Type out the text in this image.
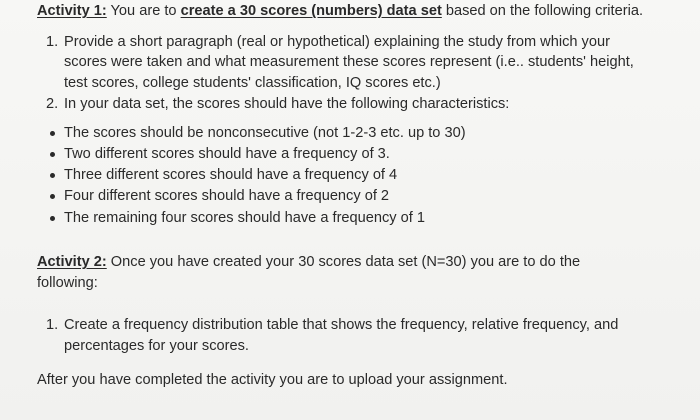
Activity 1: You are to create a 30 scores (numbers) data set based on the following criteria.
1. Provide a short paragraph (real or hypothetical) explaining the study from which your
scores were taken and what measurement these scores represent (i.e.. students' height,
test scores, college students' classification, IQ scores etc.)
2. In your data set, the scores should have the following characteristics:
The scores should be nonconsecutive (not 1-2-3 etc. up to 30)
Two different scores should have a frequency of 3.
Three different scores should have a frequency of 4
Four different scores should have a frequency of 2
The remaining four scores should have a frequency of 1
Activity 2: Once you have created your 30 scores data set (N=30) you are to do the
following:
1. Create a frequency distribution table that shows the frequency, relative frequency, and
percentages for your scores.
After you have completed the activity you are to upload your assignment.
